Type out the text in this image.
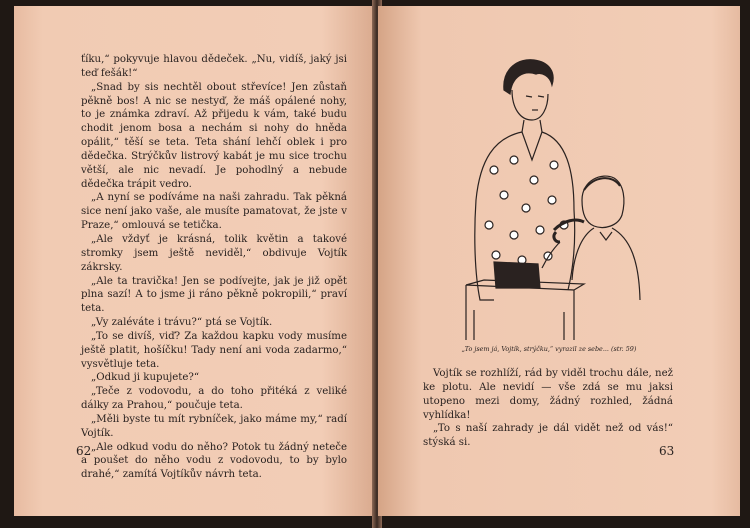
ťíku,“ pokyvuje hlavou dědeček. „Nu, vidíš, jaký jsi teď fešák!“

„Snad by sis nechtěl obout střevíce! Jen zůstaň pěkně bos! A nic se nestyď, že máš opálené nohy, to je známka zdraví. Až přijedu k vám, také budu chodit jenom bosa a nechám si nohy do hněda opálit,“ těší se teta. Teta shání lehčí oblek i pro dědečka. Strýčkův listrový kabát je mu sice trochu větší, ale nic nevadí. Je pohodlný a nebude dědečka trápit vedro.

„A nyní se podíváme na naši zahradu. Tak pěkná sice není jako vaše, ale musíte pamatovat, že jste v Praze,“ omlouvá se tetička.

„Ale vždyť je krásná, tolik květin a takové stromky jsem ještě neviděl,“ obdivuje Vojtík zákrsky.

„Ale ta travička! Jen se podívejte, jak je již opět plna sazí! A to jsme ji ráno pěkně pokropili,“ praví teta.

„Vy zaléváte i trávu?“ ptá se Vojtík.

„To se divíš, viď? Za každou kapku vody musíme ještě platit, hošíčku! Tady není ani voda zadarmo,“ vysvětluje teta.

„Odkud ji kupujete?“

„Teče z vodovodu, a do toho přitéká z veliké dálky za Prahou,“ poučuje teta.

„Měli byste tu mít rybníček, jako máme my,“ radí Vojtík.

„Ale odkud vodu do něho? Potok tu žádný neteče a poušet do něho vodu z vodovodu, to by bylo drahé,“ zamítá Vojtíkův návrh teta.

62
„To jsem já, Vojtík, strýčku,“ vyrazil ze sebe... (str. 59)

Vojtík se rozhlíží, rád by viděl trochu dále, než ke plotu. Ale nevidí — vše zdá se mu jaksi utopeno mezi domy, žádný rozhled, žádná vyhlídka!

„To s naší zahrady je dál vidět než od vás!“ stýská si.

63
